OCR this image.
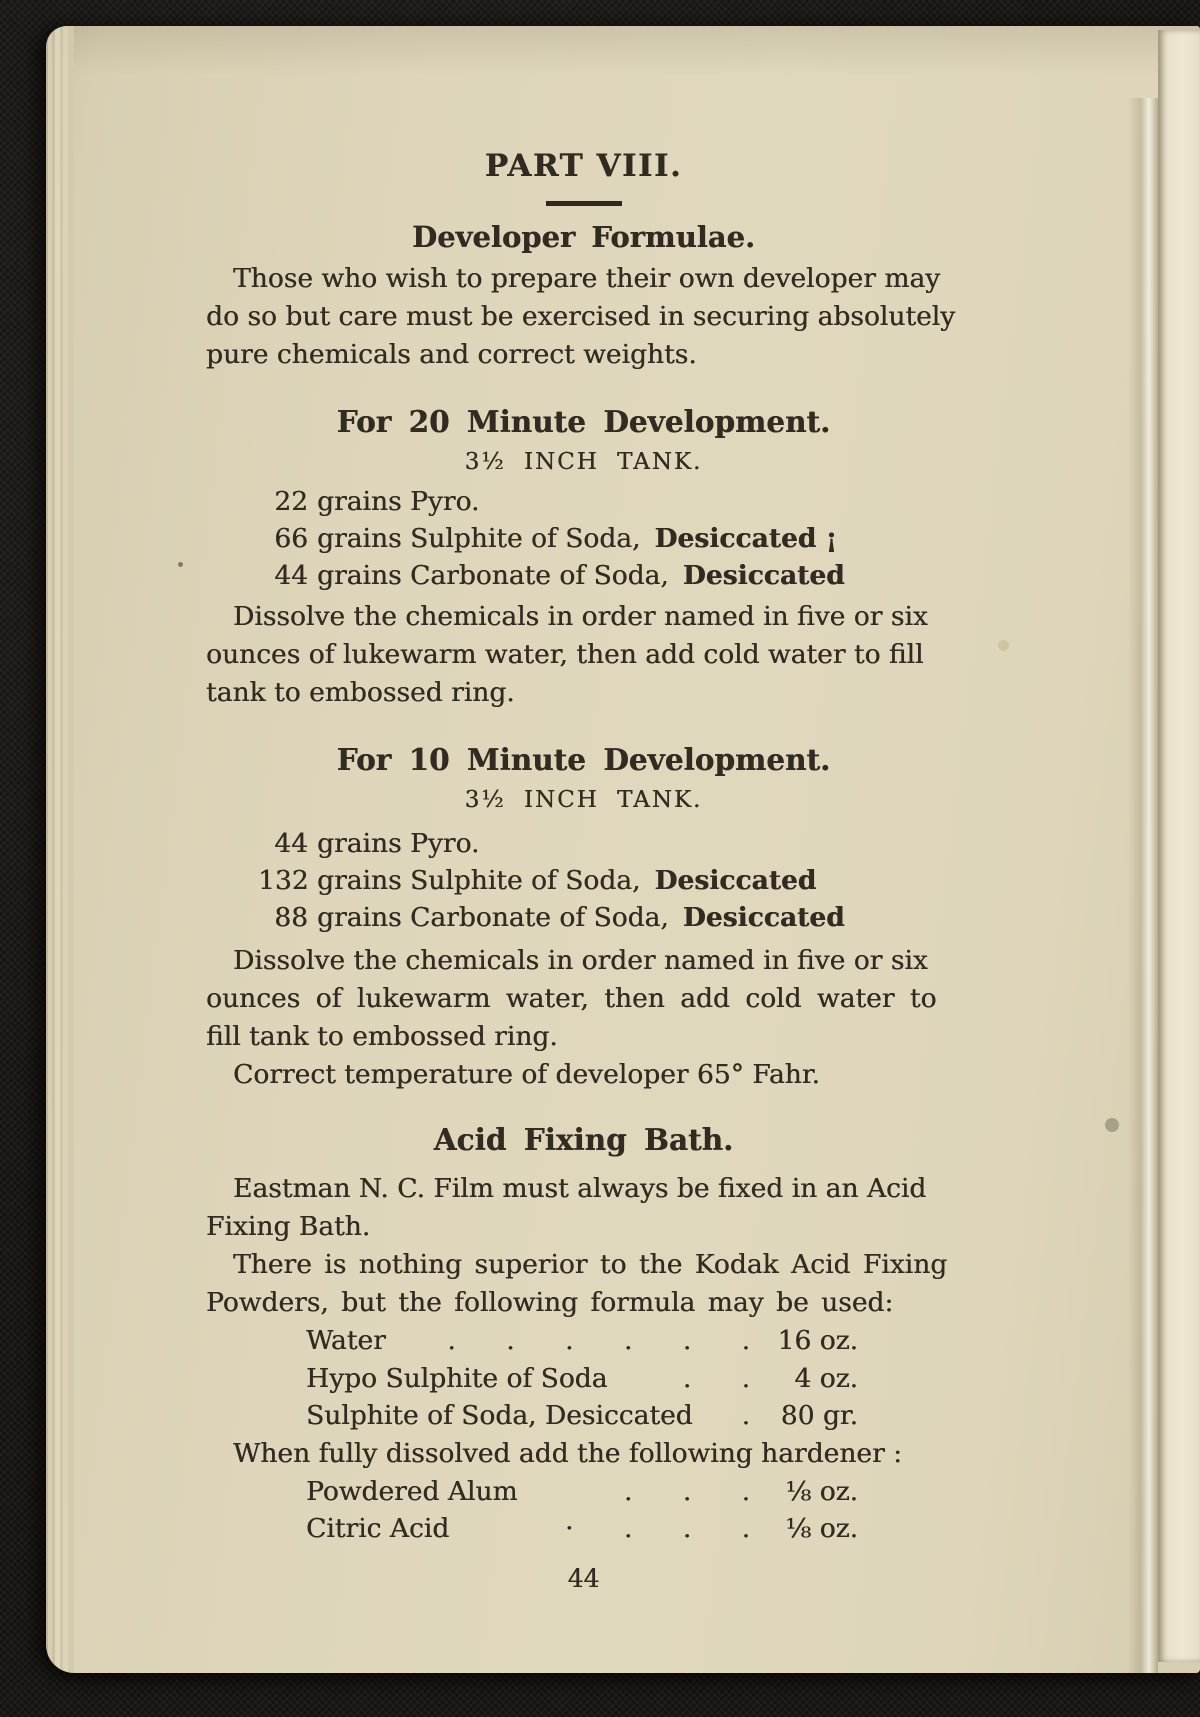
PART VIII.
Developer Formulae.

Those who wish to prepare their own developer may
do so but care must be exercised in securing absolutely
pure chemicals and correct weights.

For 20 Minute Development.
3½ INCH TANK.
22 grains Pyro.
66 grains Sulphite of Soda, Desiccated ¡
44 grains Carbonate of Soda, Desiccated

Dissolve the chemicals in order named in five or six
ounces of lukewarm water, then add cold water to fill
tank to embossed ring.

For 10 Minute Development.
3½ INCH TANK.
44 grains Pyro.
132 grains Sulphite of Soda, Desiccated
88 grains Carbonate of Soda, Desiccated

Dissolve the chemicals in order named in five or six
ounces of lukewarm water, then add cold water to
fill tank to embossed ring.

Correct temperature of developer 65° Fahr.

Acid Fixing Bath.

Eastman N. C. Film must always be fixed in an Acid
Fixing Bath.

There is nothing superior to the Kodak Acid Fixing
Powders, but the following formula may be used:

Water	. . . . . .	16 oz.
Hypo Sulphite of Soda	. .	4 oz.
Sulphite of Soda, Desiccated	.	80 gr.

When fully dissolved add the following hardener :

Powdered Alum	. . .	⅛ oz.
Citric Acid	· . . .	⅛ oz.
44
